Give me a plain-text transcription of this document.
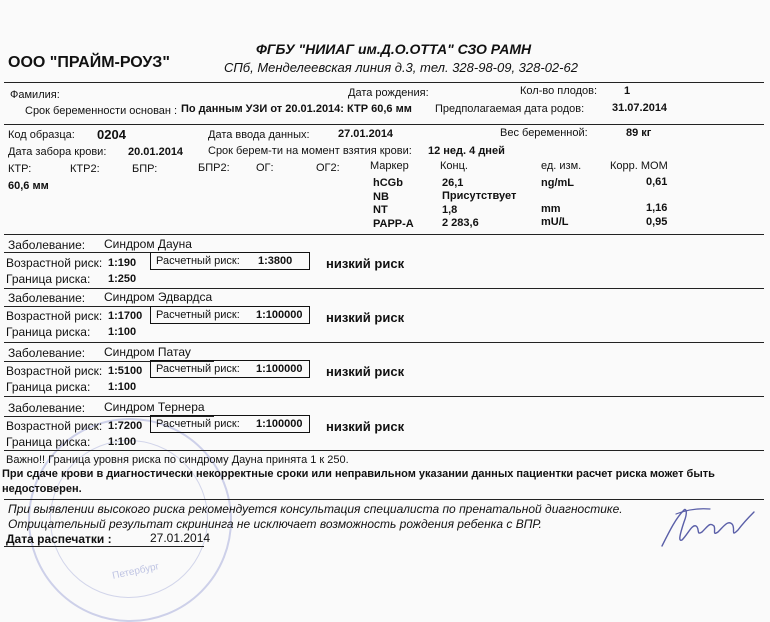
Петербург
ООО "ПРАЙМ-РОУЗ"
ФГБУ "НИИАГ им.Д.О.ОТТА" СЗО РАМН
СПб, Менделеевская линия д.3, тел. 328-98-09, 328-02-62
Фамилия:	Дата рождения:	Кол-во плодов: 1
Срок беременности основан : По данным УЗИ от 20.01.2014: КТР 60,6 мм Предполагаемая дата родов:	31.07.2014
Код образца: 0204	Дата ввода данных:	27.01.2014	Вес беременной:	89 кг
Дата забора крови: 20.01.2014 Срок берем-ти на момент взятия крови: 12 нед. 4 дней
КТР:	КТР2:	БПР:	БПР2: ОГ:	ОГ2:
60,6 мм
Маркер	Конц.	ед. изм.	Корр. МОМ
hCGb	26,1	ng/mL	0,61
NB	Присутствует
NT	1,8	mm	1,16
PAPP-A	2 283,6	mU/L	0,95
Заболевание: Синдром Дауна
Возрастной риск: 1:190 Расчетный риск: 1:3800	низкий риск
Граница риска: 1:250
Заболевание: Синдром Эдвардса
Возрастной риск: 1:1700 Расчетный риск: 1:100000 низкий риск
Граница риска: 1:100
Заболевание: Синдром Патау
Возрастной риск: 1:5100 Расчетный риск: 1:100000 низкий риск
Граница риска: 1:100
Заболевание: Синдром Тернера
Возрастной риск: 1:7200 Расчетный риск: 1:100000 низкий риск
Граница риска: 1:100
Важно!! Граница уровня риска по синдрому Дауна принята 1 к 250.
При сдаче крови в диагностически некорректные сроки или неправильном указании данных пациентки расчет риска может быть
недостоверен.
При выявлении высокого риска рекомендуется консультация специалиста по пренатальной диагностике.
Отрицательный результат скрининга не исключает возможность рождения ребенка с ВПР.
Дата распечатки :	27.01.2014
